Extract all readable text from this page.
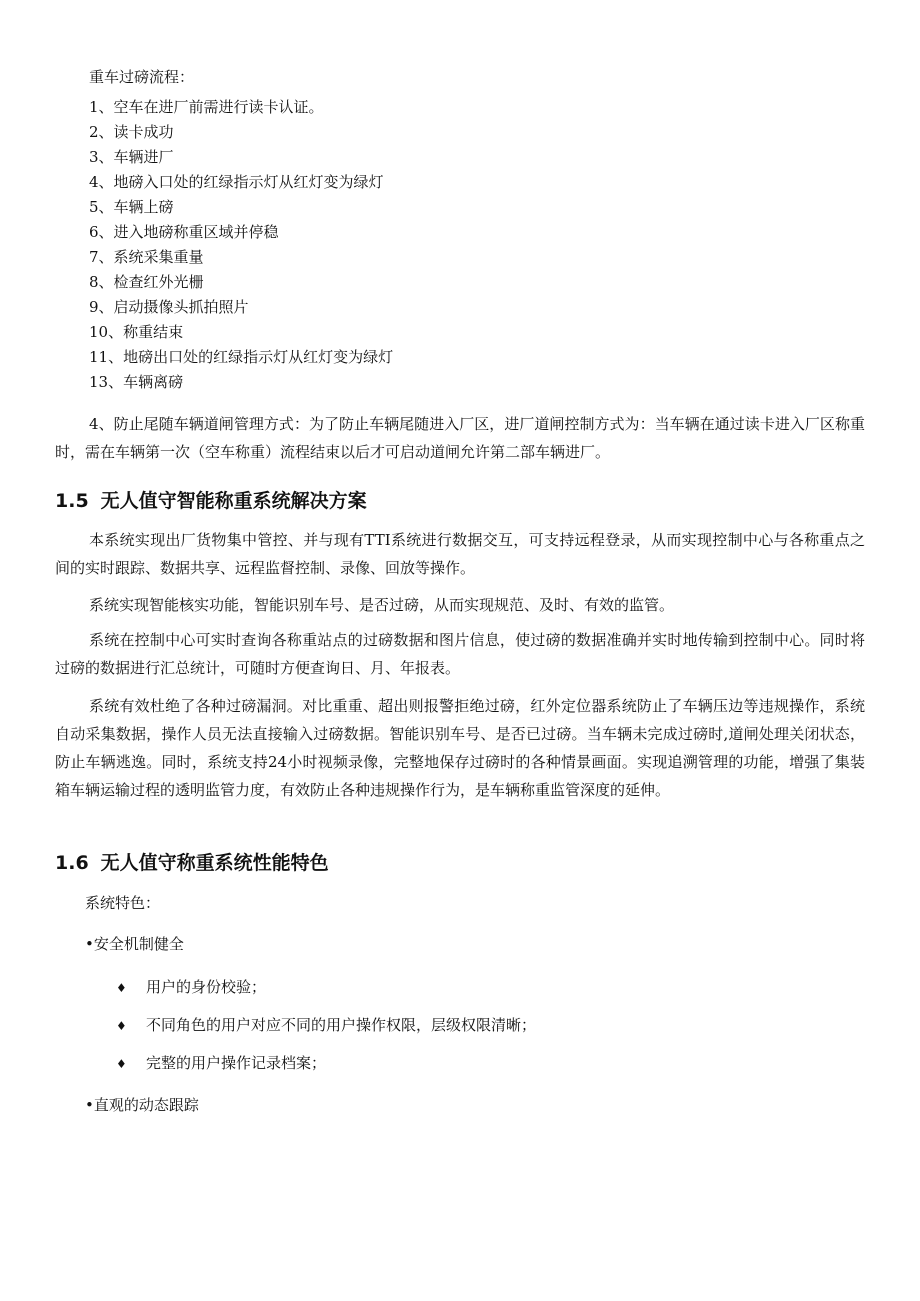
重车过磅流程：
1、空车在进厂前需进行读卡认证。
2、读卡成功
3、车辆进厂
4、地磅入口处的红绿指示灯从红灯变为绿灯
5、车辆上磅
6、进入地磅称重区域并停稳
7、系统采集重量
8、检查红外光栅
9、启动摄像头抓拍照片
10、称重结束
11、地磅出口处的红绿指示灯从红灯变为绿灯
13、车辆离磅
4、防止尾随车辆道闸管理方式：为了防止车辆尾随进入厂区，进厂道闸控制方式为：当车辆在通过读卡进入厂区称重时，需在车辆第一次（空车称重）流程结束以后才可启动道闸允许第二部车辆进厂。
1.5 无人值守智能称重系统解决方案
本系统实现出厂货物集中管控、并与现有TTI系统进行数据交互，可支持远程登录，从而实现控制中心与各称重点之间的实时跟踪、数据共享、远程监督控制、录像、回放等操作。
系统实现智能核实功能，智能识别车号、是否过磅，从而实现规范、及时、有效的监管。
系统在控制中心可实时查询各称重站点的过磅数据和图片信息，使过磅的数据准确并实时地传输到控制中心。同时将过磅的数据进行汇总统计，可随时方便查询日、月、年报表。
系统有效杜绝了各种过磅漏洞。对比重重、超出则报警拒绝过磅，红外定位器系统防止了车辆压边等违规操作，系统自动采集数据，操作人员无法直接输入过磅数据。智能识别车号、是否已过磅。当车辆未完成过磅时,道闸处理关闭状态，防止车辆逃逸。同时，系统支持24小时视频录像，完整地保存过磅时的各种情景画面。实现追溯管理的功能，增强了集装箱车辆运输过程的透明监管力度，有效防止各种违规操作行为，是车辆称重监管深度的延伸。
1.6 无人值守称重系统性能特色
系统特色：
•安全机制健全
♦ 用户的身份校验；
♦ 不同角色的用户对应不同的用户操作权限，层级权限清晰；
♦ 完整的用户操作记录档案；
•直观的动态跟踪
